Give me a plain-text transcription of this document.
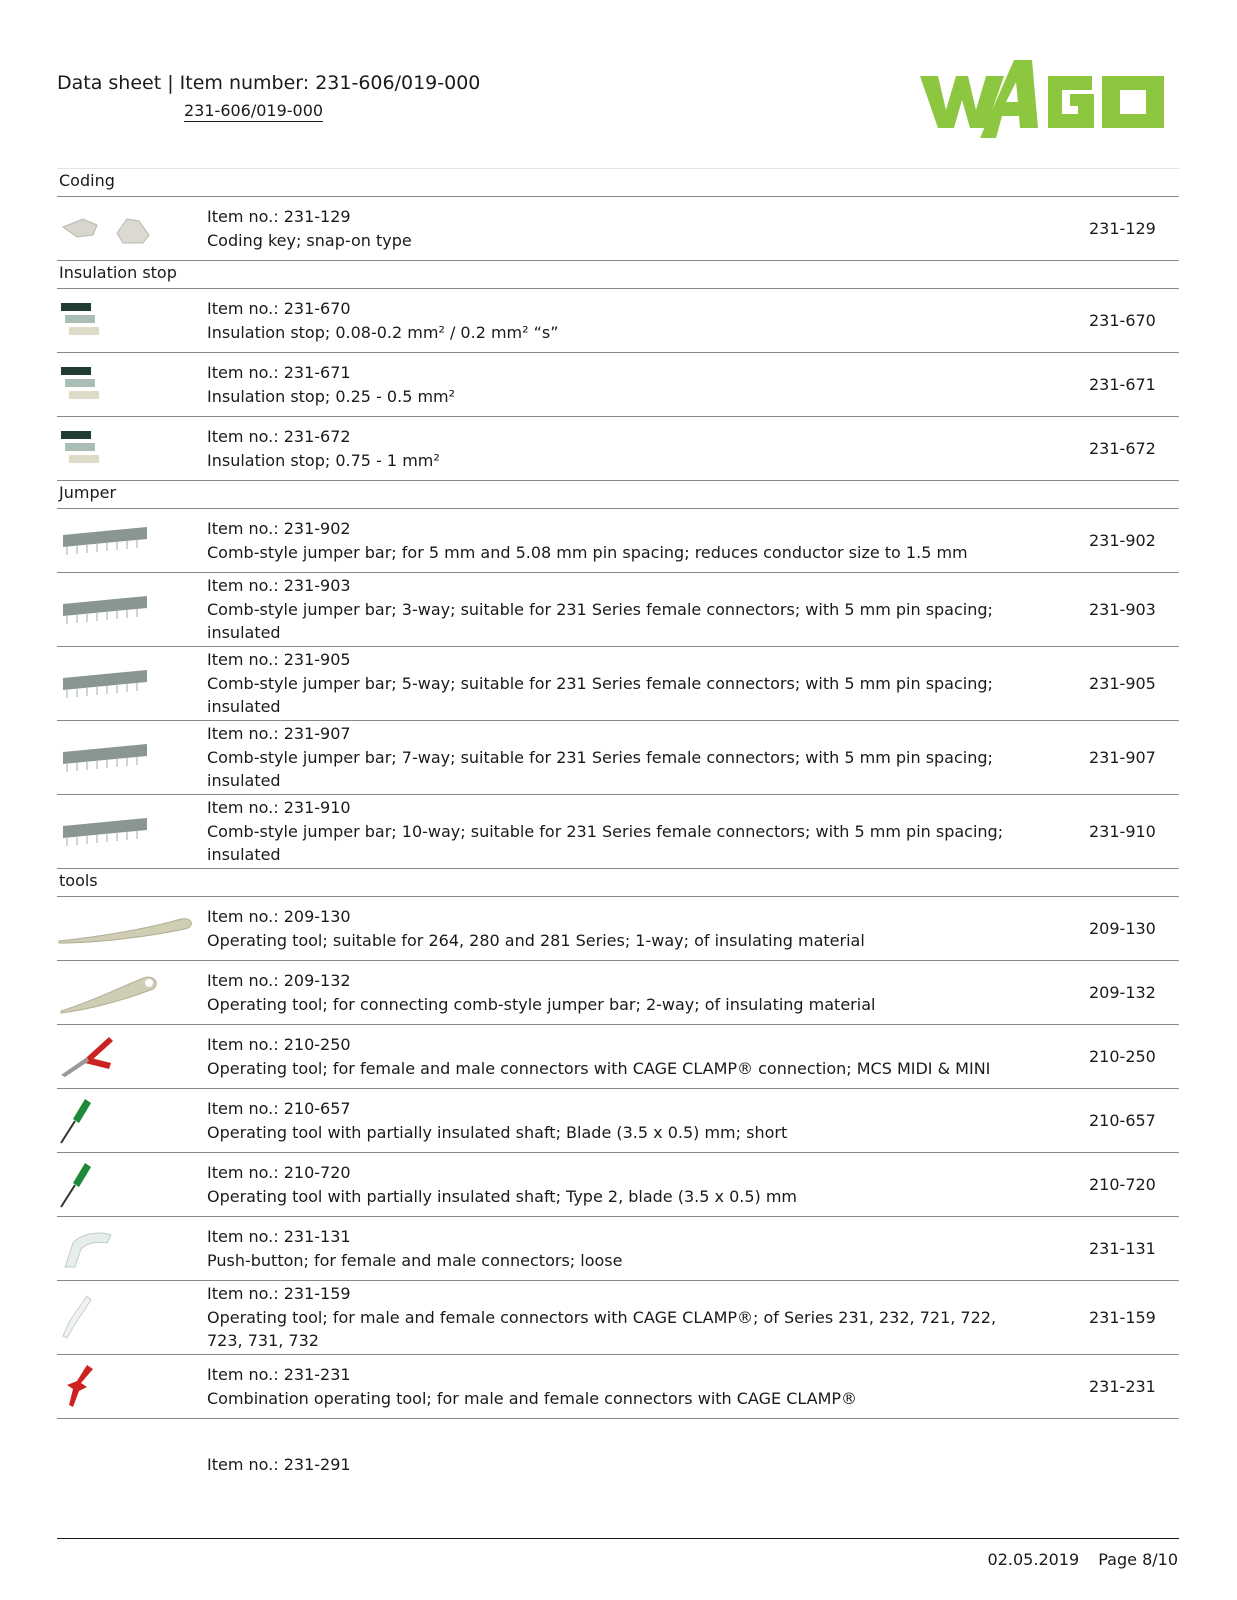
Data sheet | Item number: 231-606/019-000
231-606/019-000
Coding
Item no.: 231-129
Coding key; snap-on type
231-129
Insulation stop
Item no.: 231-670
Insulation stop; 0.08-0.2 mm² / 0.2 mm² “s”
231-670
Item no.: 231-671
Insulation stop; 0.25 - 0.5 mm²
231-671
Item no.: 231-672
Insulation stop; 0.75 - 1 mm²
231-672
Jumper
Item no.: 231-902
Comb-style jumper bar; for 5 mm and 5.08 mm pin spacing; reduces conductor size to 1.5 mm
231-902
Item no.: 231-903
Comb-style jumper bar; 3-way; suitable for 231 Series female connectors; with 5 mm pin spacing; insulated
231-903
Item no.: 231-905
Comb-style jumper bar; 5-way; suitable for 231 Series female connectors; with 5 mm pin spacing; insulated
231-905
Item no.: 231-907
Comb-style jumper bar; 7-way; suitable for 231 Series female connectors; with 5 mm pin spacing; insulated
231-907
Item no.: 231-910
Comb-style jumper bar; 10-way; suitable for 231 Series female connectors; with 5 mm pin spacing; insulated
231-910
tools
Item no.: 209-130
Operating tool; suitable for 264, 280 and 281 Series; 1-way; of insulating material
209-130
Item no.: 209-132
Operating tool; for connecting comb-style jumper bar; 2-way; of insulating material
209-132
Item no.: 210-250
Operating tool; for female and male connectors with CAGE CLAMP® connection; MCS MIDI & MINI
210-250
Item no.: 210-657
Operating tool with partially insulated shaft; Blade (3.5 x 0.5) mm; short
210-657
Item no.: 210-720
Operating tool with partially insulated shaft; Type 2, blade (3.5 x 0.5) mm
210-720
Item no.: 231-131
Push-button; for female and male connectors; loose
231-131
Item no.: 231-159
Operating tool; for male and female connectors with CAGE CLAMP®; of Series 231, 232, 721, 722, 723, 731, 732
231-159
Item no.: 231-231
Combination operating tool; for male and female connectors with CAGE CLAMP®
231-231
Item no.: 231-291
02.05.2019 Page 8/10
